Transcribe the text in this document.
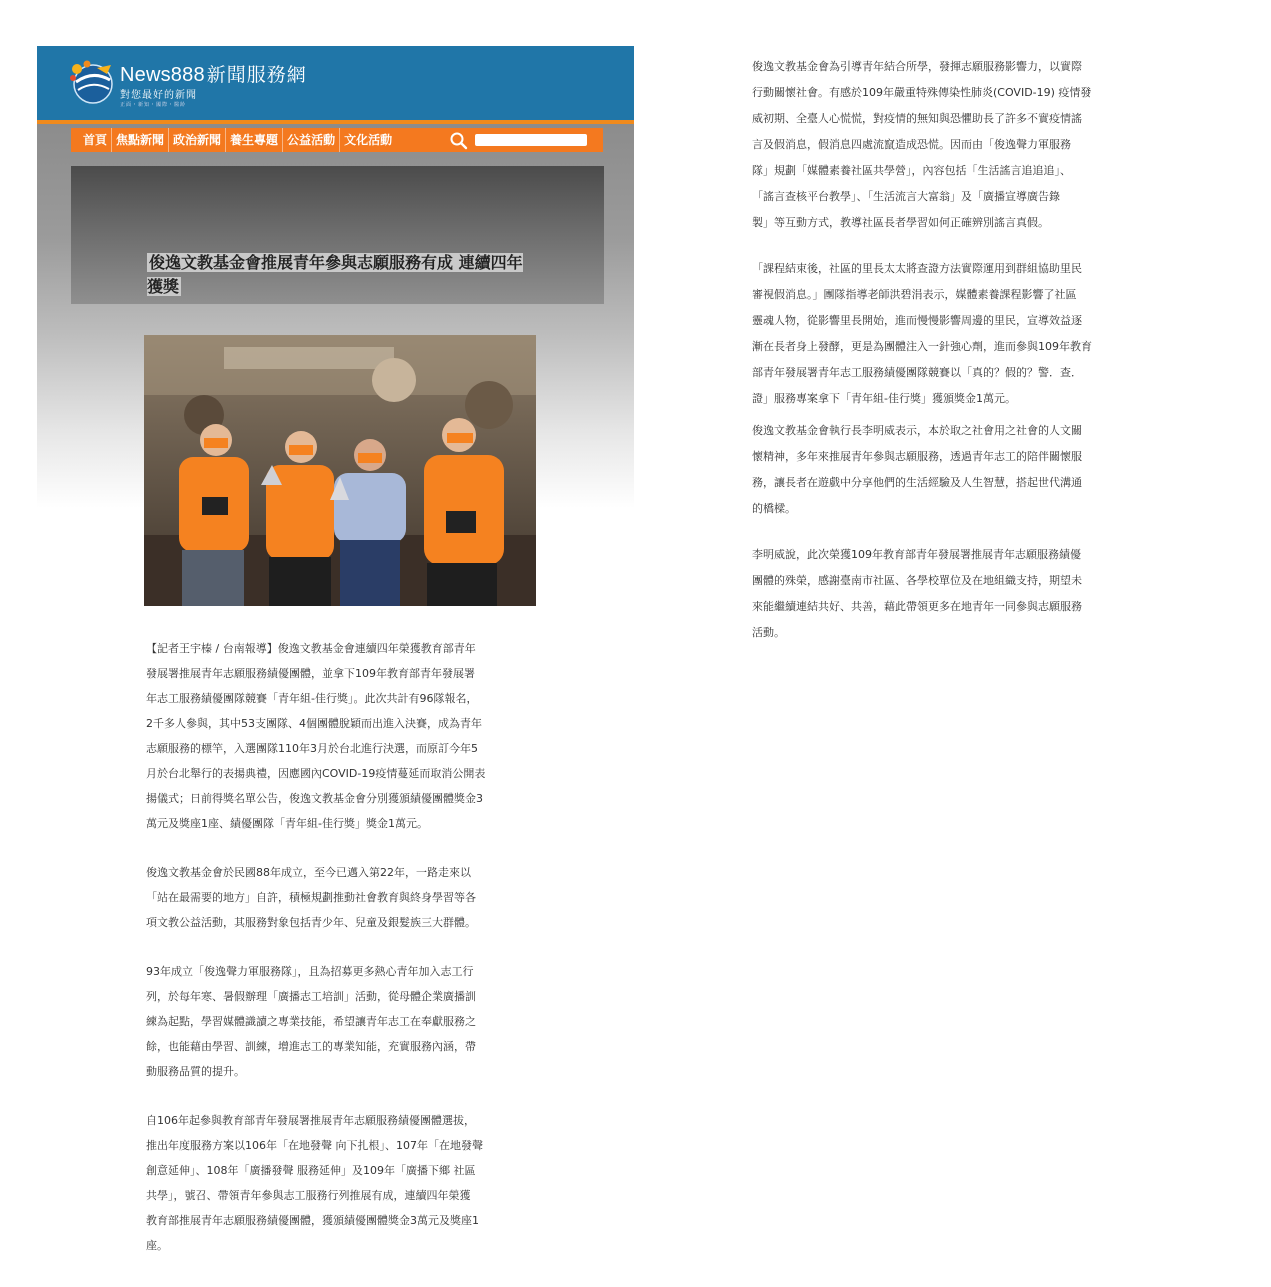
News888 新聞服務網
對您最好的新聞
正面・新知・國際・醫龄
首頁 焦點新聞 政治新聞 養生專題 公益活動 文化活動
俊逸文教基金會推展青年參與志願服務有成 連續四年獲獎

【記者王宇榛 / 台南報導】俊逸文教基金會連續四年榮獲教育部青年
發展署推展青年志願服務績優團體，並拿下109年教育部青年發展署
年志工服務績優團隊競賽「青年組-佳行獎」。此次共計有96隊報名，
2千多人參與，其中53支團隊、4個團體脫穎而出進入決賽，成為青年
志願服務的標竿，入選團隊110年3月於台北進行決選，而原訂今年5
月於台北舉行的表揚典禮，因應國內COVID-19疫情蔓延而取消公開表
揚儀式；日前得獎名單公告，俊逸文教基金會分別獲頒績優團體獎金3
萬元及獎座1座、績優團隊「青年組-佳行獎」獎金1萬元。

俊逸文教基金會於民國88年成立，至今已邁入第22年，一路走來以
「站在最需要的地方」自許，積極規劃推動社會教育與終身學習等各
項文教公益活動，其服務對象包括青少年、兒童及銀髮族三大群體。

93年成立「俊逸聲力軍服務隊」，且為招募更多熱心青年加入志工行
列，於每年寒、暑假辦理「廣播志工培訓」活動，從母體企業廣播訓
練為起點，學習媒體識讀之專業技能，希望讓青年志工在奉獻服務之
餘，也能藉由學習、訓練，增進志工的專業知能，充實服務內涵，帶
動服務品質的提升。

自106年起參與教育部青年發展署推展青年志願服務績優團體選拔，
推出年度服務方案以106年「在地發聲 向下扎根」、107年「在地發聲
創意延伸」、108年「廣播發聲 服務延伸」及109年「廣播下鄉 社區
共學」，號召、帶領青年參與志工服務行列推展有成，連續四年榮獲
教育部推展青年志願服務績優團體，獲頒績優團體獎金3萬元及獎座1
座。

俊逸文教基金會為引導青年結合所學，發揮志願服務影響力，以實際
行動關懷社會。有感於109年嚴重特殊傳染性肺炎(COVID-19) 疫情發
威初期、全臺人心慌慌，對疫情的無知與恐懼助長了許多不實疫情謠
言及假消息，假消息四處流竄造成恐慌。因而由「俊逸聲力軍服務
隊」規劃「媒體素養社區共學營」，內容包括「生活謠言追追追」、
「謠言查核平台教學」、「生活流言大富翁」及「廣播宣導廣告錄
製」等互動方式，教導社區長者學習如何正確辨別謠言真假。

「課程結束後，社區的里長太太將查證方法實際運用到群組協助里民
審視假消息。」團隊指導老師洪碧涓表示，媒體素養課程影響了社區
靈魂人物，從影響里長開始，進而慢慢影響周邊的里民，宣導效益逐
漸在長者身上發酵，更是為團體注入一針強心劑，進而參與109年教育
部青年發展署青年志工服務績優團隊競賽以「真的？假的？警．查．
證」服務專案拿下「青年組-佳行獎」獲頒獎金1萬元。

俊逸文教基金會執行長李明威表示，本於取之社會用之社會的人文關
懷精神，多年來推展青年參與志願服務，透過青年志工的陪伴關懷服
務，讓長者在遊戲中分享他們的生活經驗及人生智慧，搭起世代溝通
的橋樑。

李明威說，此次榮獲109年教育部青年發展署推展青年志願服務績優
團體的殊榮，感謝臺南市社區、各學校單位及在地組織支持，期望未
來能繼續連結共好、共善，藉此帶領更多在地青年一同參與志願服務
活動。
